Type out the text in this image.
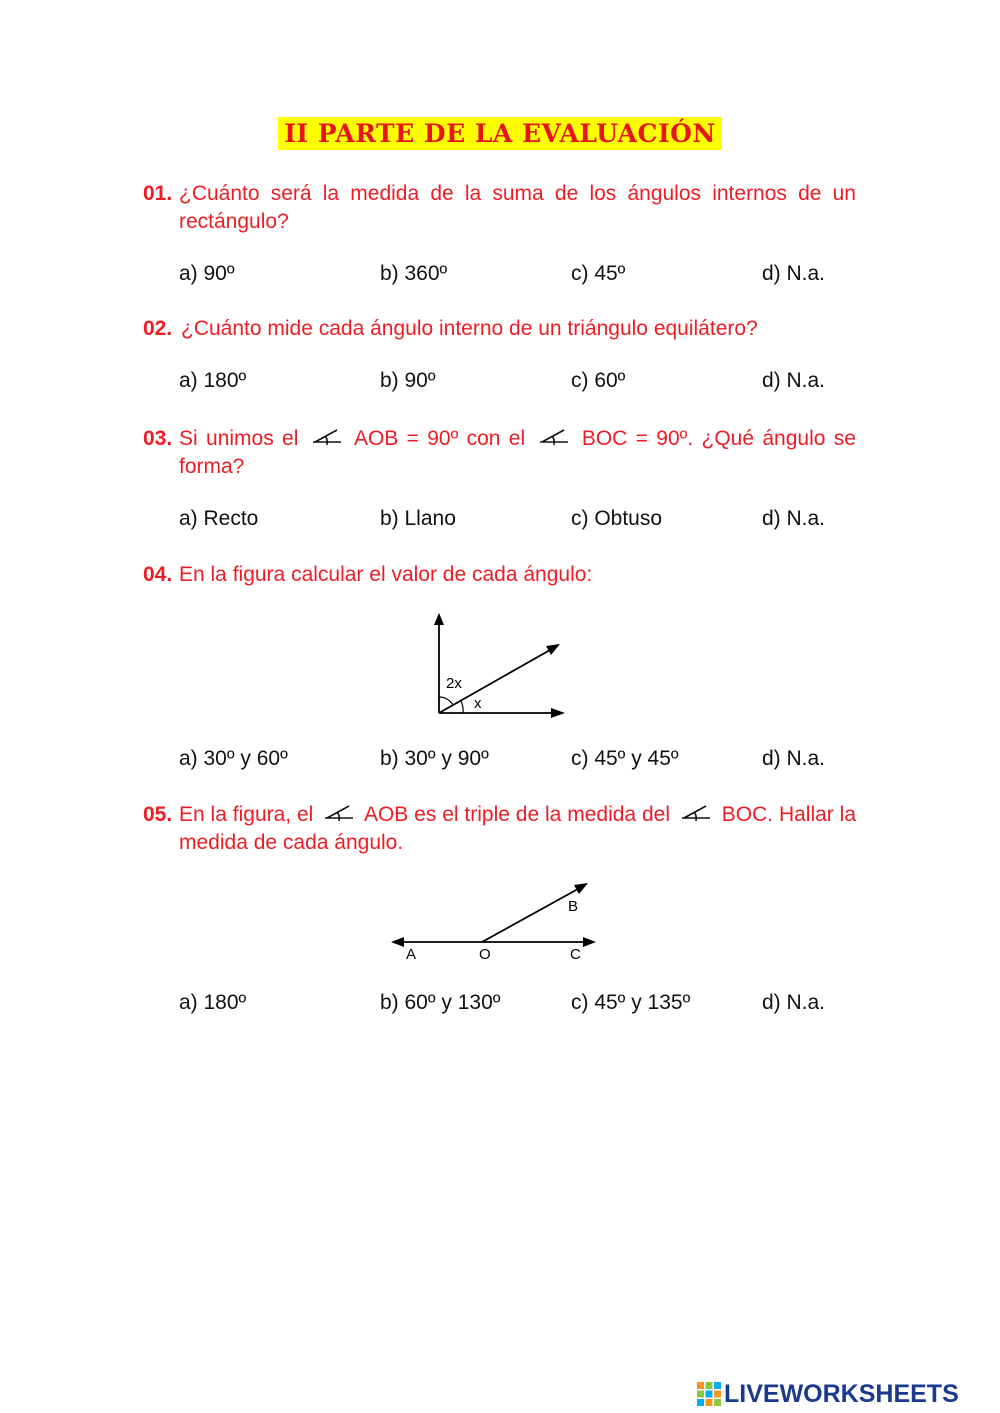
II PARTE DE LA EVALUACIÓN
01. ¿Cuánto será la medida de la suma de los ángulos internos de un rectángulo?
a) 90º	b) 360º	c) 45º	d) N.a.
02. ¿Cuánto mide cada ángulo interno de un triángulo equilátero?
a) 180º	b) 90º	c) 60º	d) N.a.
03. Si unimos el	AOB = 90º con el	BOC = 90º. ¿Qué ángulo se forma?
a) Recto	b) Llano	c) Obtuso	d) N.a.
04. En la figura calcular el valor de cada ángulo:
2x
x
a) 30º y 60º	b) 30º y 90º	c) 45º y 45º	d) N.a.
05. En la figura, el AOB es el triple de la medida del BOC. Hallar la medida de cada ángulo.
A	O	C
B
a) 180º	b) 60º y 130º	c) 45º y 135º	d) N.a.
LIVEWORKSHEETS
